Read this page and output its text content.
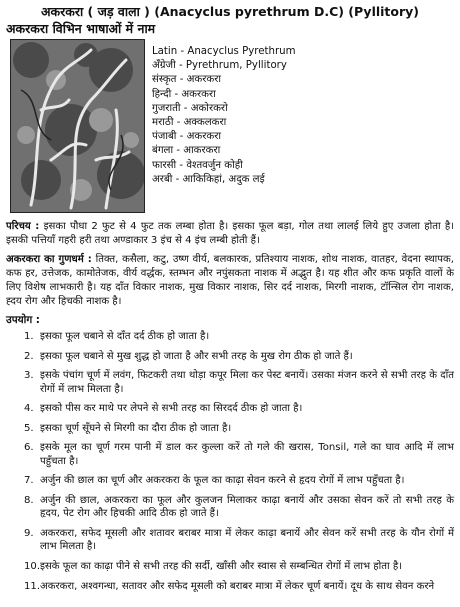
अकरकरा ( जड़ वाला ) (Anacyclus pyrethrum D.C) (Pyllitory)
अकरकरा विभिन भाषाओं में नाम
Latin - Anacyclus Pyrethrum
अँग्रेजी - Pyrethrum, Pyllitory
संस्कृत - अकरकरा
हिन्दी - अकरकरा
गुजराती - अकोरकरो
मराठी - अक्कलकरा
पंजाबी - अकरकरा
बंगला - आकरकरा
फारसी - वेश्तवर्जुन कोही
अरबी - आकिकिहां, अदुक लई

परिचय : इसका पौधा 2 फुट से 4 फुट तक लम्बा होता है। इसका फूल बड़ा, गोल तथा लालई लिये हुए उजला होता है। इसकी पत्तियाँ गहरी हरी तथा अण्डाकार 3 इंच से 4 इंच लम्बी होती हैं।

अकरकरा का गुणधर्म : तिक्त, कसैला, कटु, उष्ण वीर्य, बलकारक, प्रतिश्याय नाशक, शोथ नाशक, वातहर, वेदना स्थापक, कफ हर, उत्तेजक, कामोतेजक, वीर्य वर्द्धक, स्तम्भन और नपुंसकता नाशक में अद्भुत है। यह शीत और कफ प्रकृति वालों के लिए विशेष लाभकारी है। यह दाँत विकार नाशक, मुख विकार नाशक, सिर दर्द नाशक, मिरगी नाशक, टॉन्सिल रोग नाशक, ह्दय रोग और हिचकी नाशक है।

उपयोग :
1. इसका फूल चबाने से दाँत दर्द ठीक हो जाता है।
2. इसका फूल चबाने से मुख शुद्ध हो जाता है और सभी तरह के मुख रोग ठीक हो जाते हैं।
3. इसके पंचांग चूर्ण में लवंग, फिटकरी तथा थोड़ा कपूर मिला कर पेस्ट बनायें। उसका मंजन करने से सभी तरह के दाँत रोगों में लाभ मिलता है।
4. इसको पीस कर माथे पर लेपने से सभी तरह का सिरदर्द ठीक हो जाता है।
5. इसका चूर्ण सूँघने से मिरगी का दौरा ठीक हो जाता है।
6. इसके मूल का चूर्ण गरम पानी में डाल कर कुल्ला करें तो गले की खरास, Tonsil, गले का घाव आदि में लाभ पहुँचता है।
7. अर्जुन की छाल का चूर्ण और अकरकरा के फूल का काढ़ा सेवन करने से हृदय रोगों में लाभ पहुँचता है।
8. अर्जुन की छाल, अकरकरा का फूल और कुलजन मिलाकर काढ़ा बनायें और उसका सेवन करें तो सभी तरह के हृदय, पेट रोग और हिचकी आदि ठीक हो जाते हैं।
9. अकरकरा, सफेद मूसली और शतावर बराबर मात्रा में लेकर काढ़ा बनायें और सेवन करें सभी तरह के यौन रोगों में लाभ मिलता है।
10. इसके फूल का काढ़ा पीने से सभी तरह की सर्दी, खाँसी और स्वास से सम्बन्धित रोगों में लाभ होता है।
11. अकरकरा, अश्वगन्धा, सतावर और सफेद मूसली को बराबर मात्रा में लेकर चूर्ण बनायें। दूध के साथ सेवन करने
